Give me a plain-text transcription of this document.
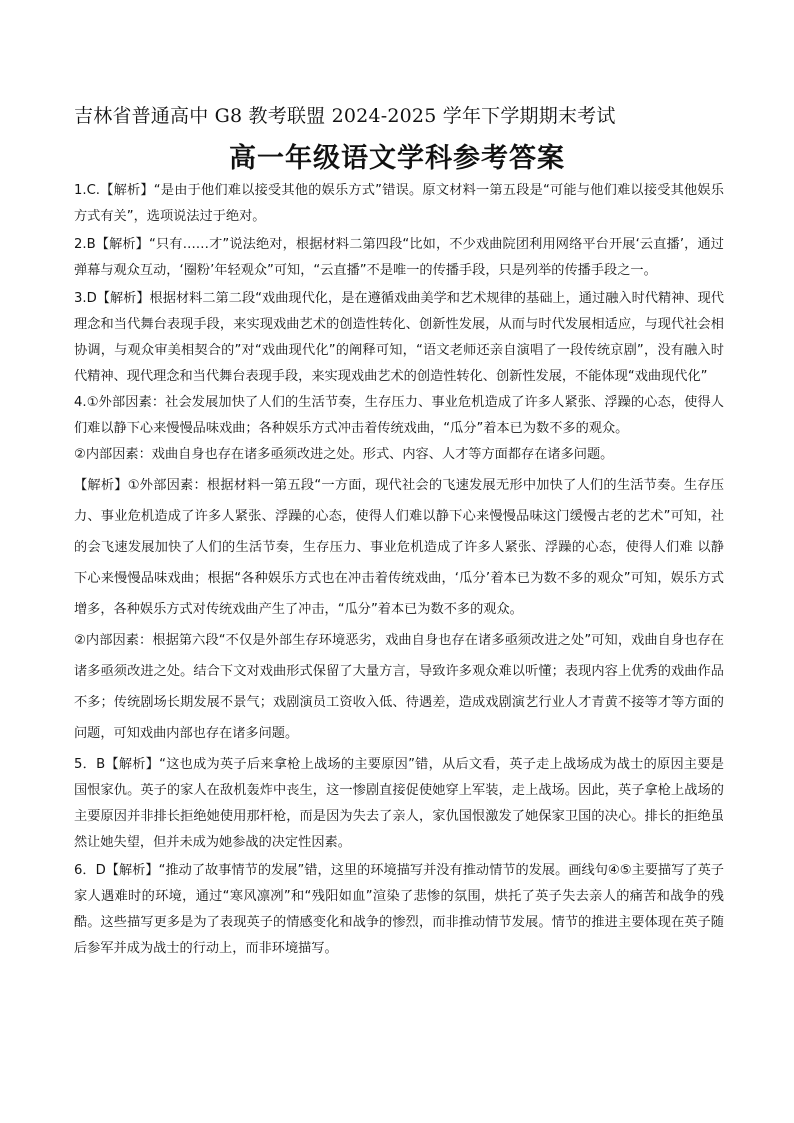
吉林省普通高中 G8 教考联盟 2024-2025 学年下学期期末考试
高一年级语文学科参考答案

1.C.【解析】“是由于他们难以接受其他的娱乐方式”错误。原文材料一第五段是“可能与他们难以接受其他娱乐方式有关”，选项说法过于绝对。

2.B【解析】“只有……才”说法绝对，根据材料二第四段“比如，不少戏曲院团利用网络平台开展‘云直播’，通过弹幕与观众互动，‘圈粉’年轻观众”可知，“云直播”不是唯一的传播手段，只是列举的传播手段之一。

3.D【解析】根据材料二第二段“戏曲现代化，是在遵循戏曲美学和艺术规律的基础上，通过融入时代精神、现代理念和当代舞台表现手段，来实现戏曲艺术的创造性转化、创新性发展，从而与时代发展相适应，与现代社会相协调，与观众审美相契合的”对“戏曲现代化”的阐释可知，“语文老师还亲自演唱了一段传统京剧”，没有融入时代精神、现代理念和当代舞台表现手段，来实现戏曲艺术的创造性转化、创新性发展，不能体现“戏曲现代化”

4.①外部因素：社会发展加快了人们的生活节奏，生存压力、事业危机造成了许多人紧张、浮躁的心态，使得人们难以静下心来慢慢品味戏曲；各种娱乐方式冲击着传统戏曲，“瓜分”着本已为数不多的观众。

②内部因素：戏曲自身也存在诸多亟须改进之处。形式、内容、人才等方面都存在诸多问题。

【解析】①外部因素：根据材料一第五段“一方面，现代社会的飞速发展无形中加快了人们的生活节奏。生存压力、事业危机造成了许多人紧张、浮躁的心态，使得人们难以静下心来慢慢品味这门缓慢古老的艺术”可知，社的会飞速发展加快了人们的生活节奏，生存压力、事业危机造成了许多人紧张、浮躁的心态，使得人们难 以静下心来慢慢品味戏曲；根据“各种娱乐方式也在冲击着传统戏曲，‘瓜分’着本已为数不多的观众”可知，娱乐方式增多，各种娱乐方式对传统戏曲产生了冲击，“瓜分”着本已为数不多的观众。

②内部因素：根据第六段“不仅是外部生存环境恶劣，戏曲自身也存在诸多亟须改进之处”可知，戏曲自身也存在诸多亟须改进之处。结合下文对戏曲形式保留了大量方言，导致许多观众难以听懂；表现内容上优秀的戏曲作品不多；传统剧场长期发展不景气；戏剧演员工资收入低、待遇差，造成戏剧演艺行业人才青黄不接等才等方面的问题，可知戏曲内部也存在诸多问题。

5．B【解析】“这也成为英子后来拿枪上战场的主要原因”错，从后文看，英子走上战场成为战士的原因主要是国恨家仇。英子的家人在敌机轰炸中丧生，这一惨剧直接促使她穿上军装，走上战场。因此，英子拿枪上战场的主要原因并非排长拒绝她使用那杆枪，而是因为失去了亲人，家仇国恨激发了她保家卫国的决心。排长的拒绝虽然让她失望，但并未成为她参战的决定性因素。

6．D【解析】“推动了故事情节的发展”错，这里的环境描写并没有推动情节的发展。画线句④⑤主要描写了英子家人遇难时的环境，通过“寒风凛冽”和“残阳如血”渲染了悲惨的氛围，烘托了英子失去亲人的痛苦和战争的残酷。这些描写更多是为了表现英子的情感变化和战争的惨烈，而非推动情节发展。情节的推进主要体现在英子随后参军并成为战士的行动上，而非环境描写。
